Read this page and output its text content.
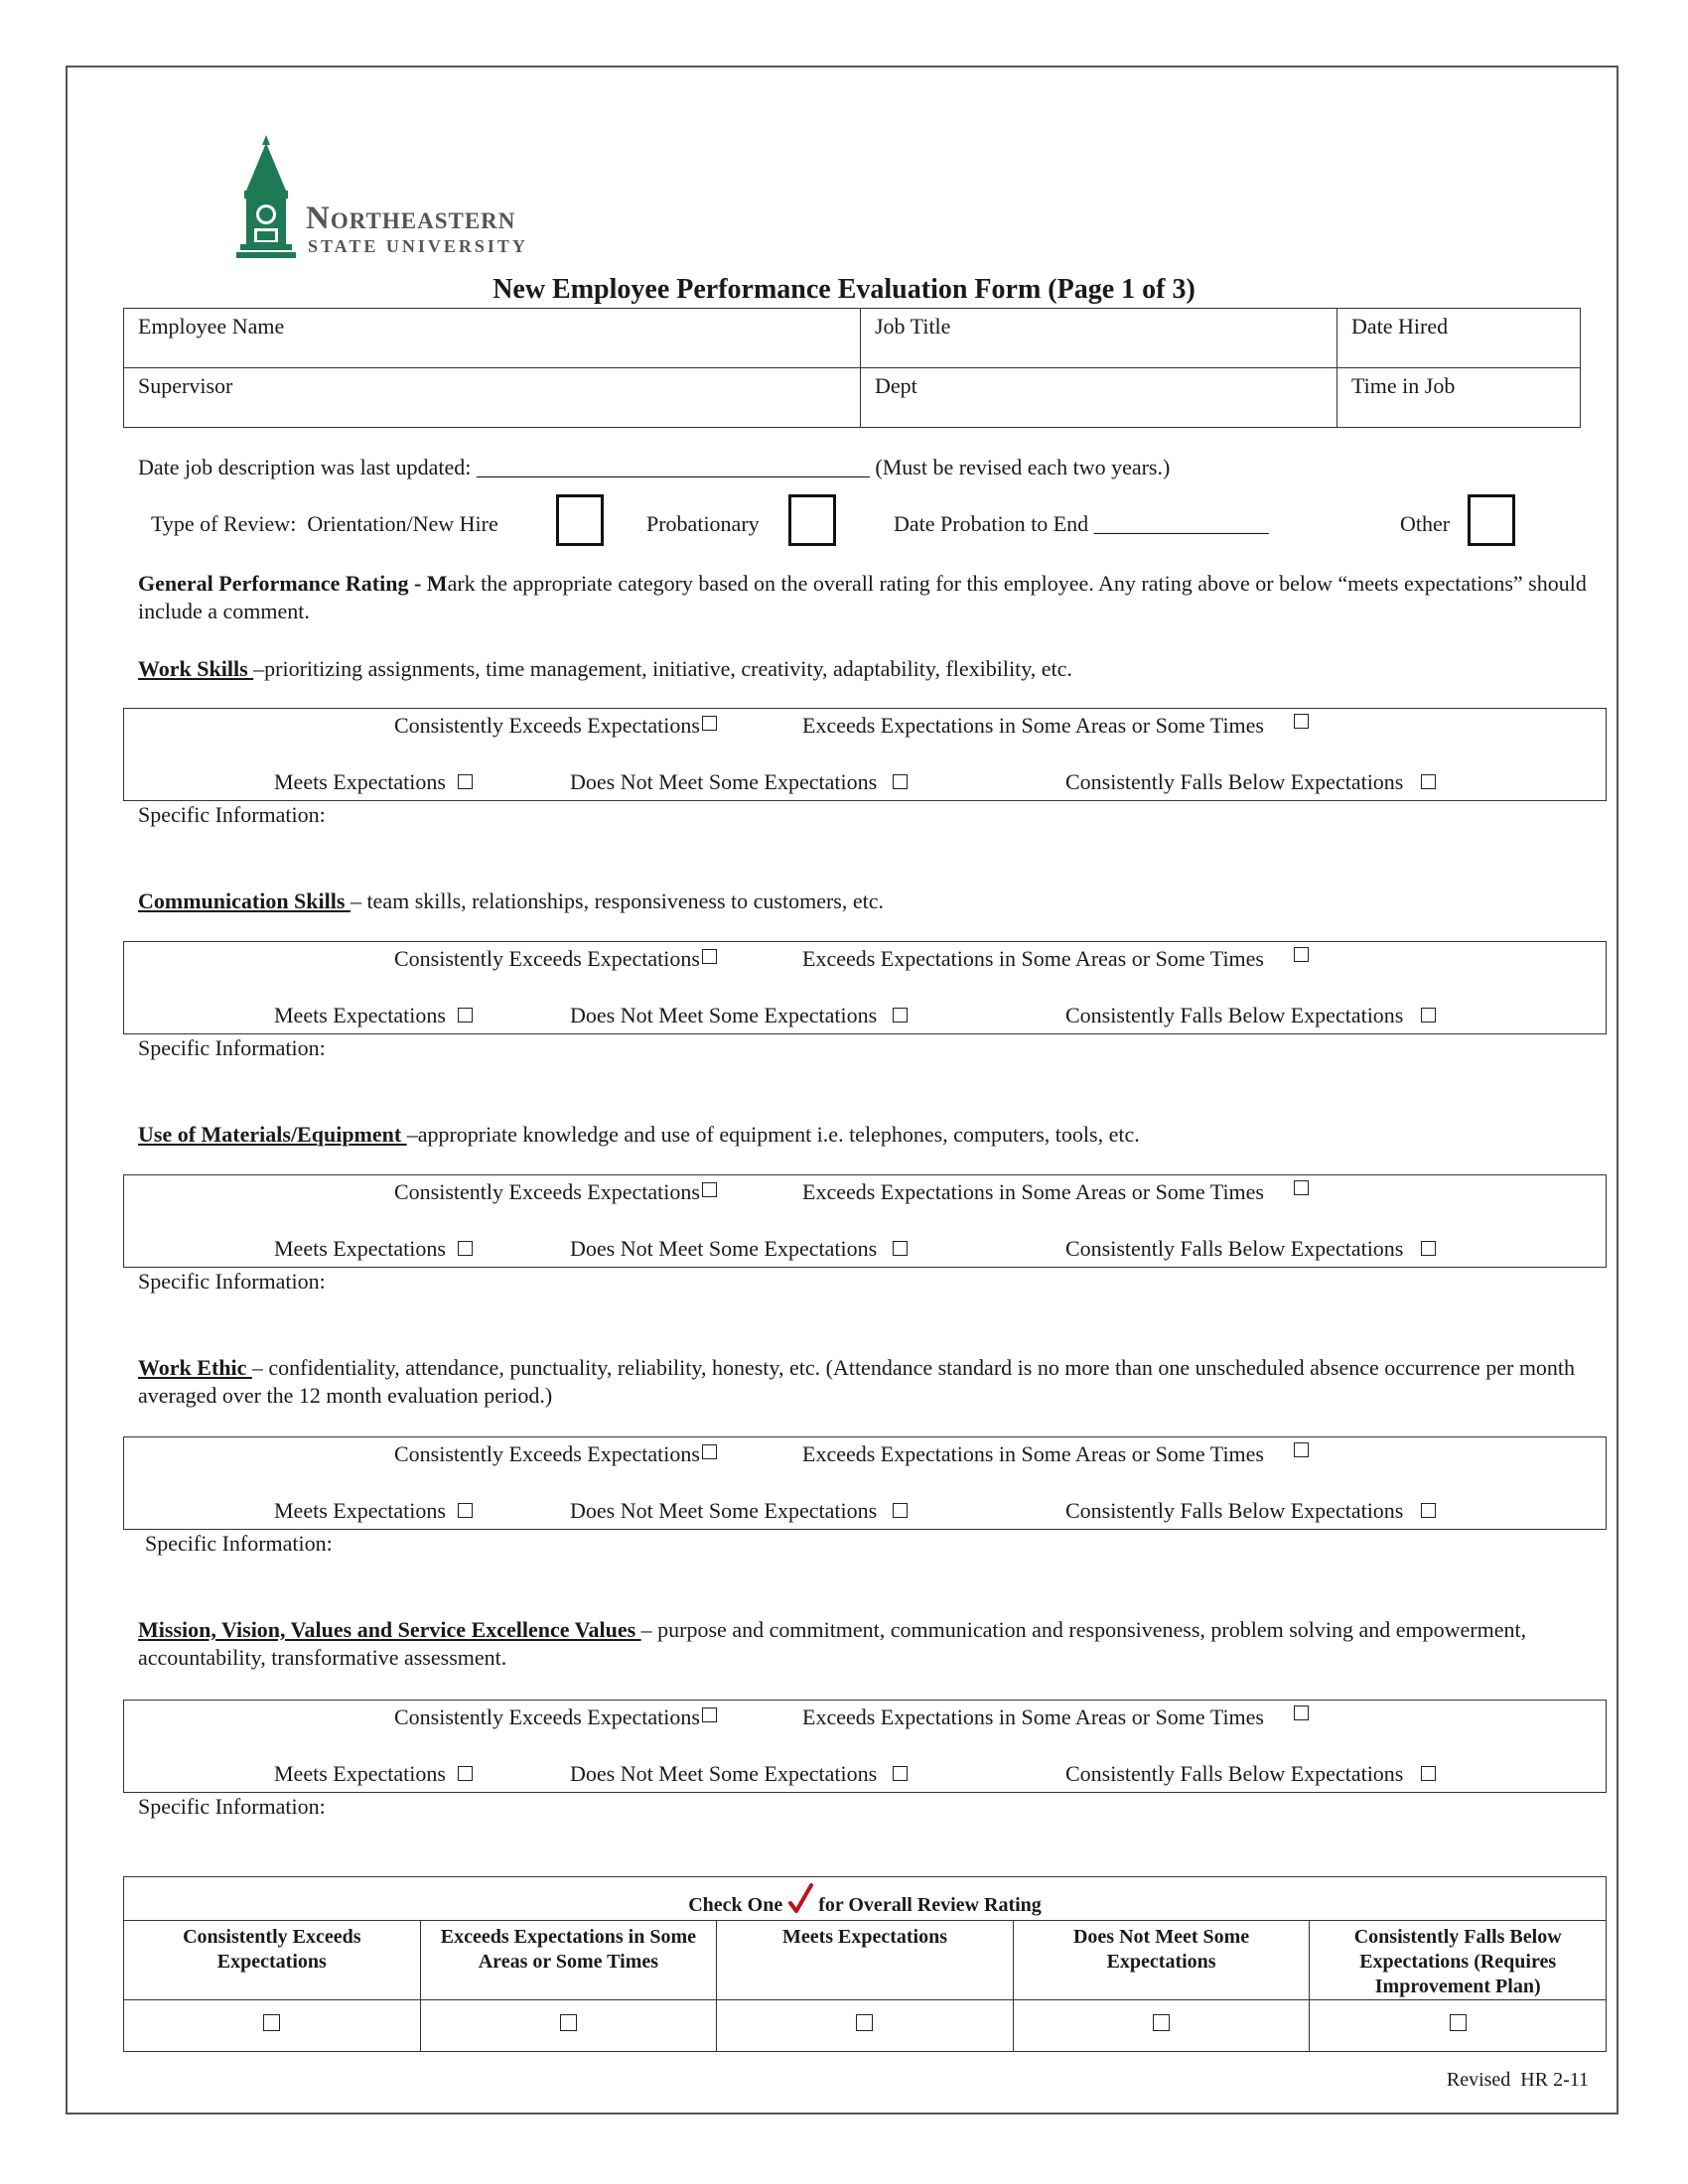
Northeastern
STATE UNIVERSITY
New Employee Performance Evaluation Form (Page 1 of 3)
Employee Name	Job Title	Date Hired
Supervisor	Dept	Time in Job
Date job description was last updated: ____________________________________ (Must be revised each two years.)
Type of Review: Orientation/New Hire	Probationary	Date Probation to End ________________	Other
General Performance Rating - Mark the appropriate category based on the overall rating for this employee. Any rating above or below “meets expectations” should include a comment.
Work Skills –prioritizing assignments, time management, initiative, creativity, adaptability, flexibility, etc.
Consistently Exceeds Expectations	Exceeds Expectations in Some Areas or Some Times
Meets Expectations	Does Not Meet Some Expectations	Consistently Falls Below Expectations
Specific Information:
Communication Skills – team skills, relationships, responsiveness to customers, etc.
Consistently Exceeds Expectations	Exceeds Expectations in Some Areas or Some Times
Meets Expectations	Does Not Meet Some Expectations	Consistently Falls Below Expectations
Specific Information:
Use of Materials/Equipment –appropriate knowledge and use of equipment i.e. telephones, computers, tools, etc.
Consistently Exceeds Expectations	Exceeds Expectations in Some Areas or Some Times
Meets Expectations	Does Not Meet Some Expectations	Consistently Falls Below Expectations
Specific Information:
Work Ethic – confidentiality, attendance, punctuality, reliability, honesty, etc. (Attendance standard is no more than one unscheduled absence occurrence per month averaged over the 12 month evaluation period.)
Consistently Exceeds Expectations	Exceeds Expectations in Some Areas or Some Times
Meets Expectations	Does Not Meet Some Expectations	Consistently Falls Below Expectations
Specific Information:
Mission, Vision, Values and Service Excellence Values – purpose and commitment, communication and responsiveness, problem solving and empowerment, accountability, transformative assessment.
Consistently Exceeds Expectations	Exceeds Expectations in Some Areas or Some Times
Meets Expectations	Does Not Meet Some Expectations	Consistently Falls Below Expectations
Specific Information:
Check One for Overall Review Rating				
Consistently Exceeds Expectations	Exceeds Expectations in Some Areas or Some Times	Meets Expectations	Does Not Meet Some Expectations	Consistently Falls Below Expectations (Requires Improvement Plan)

Revised  HR 2-11
